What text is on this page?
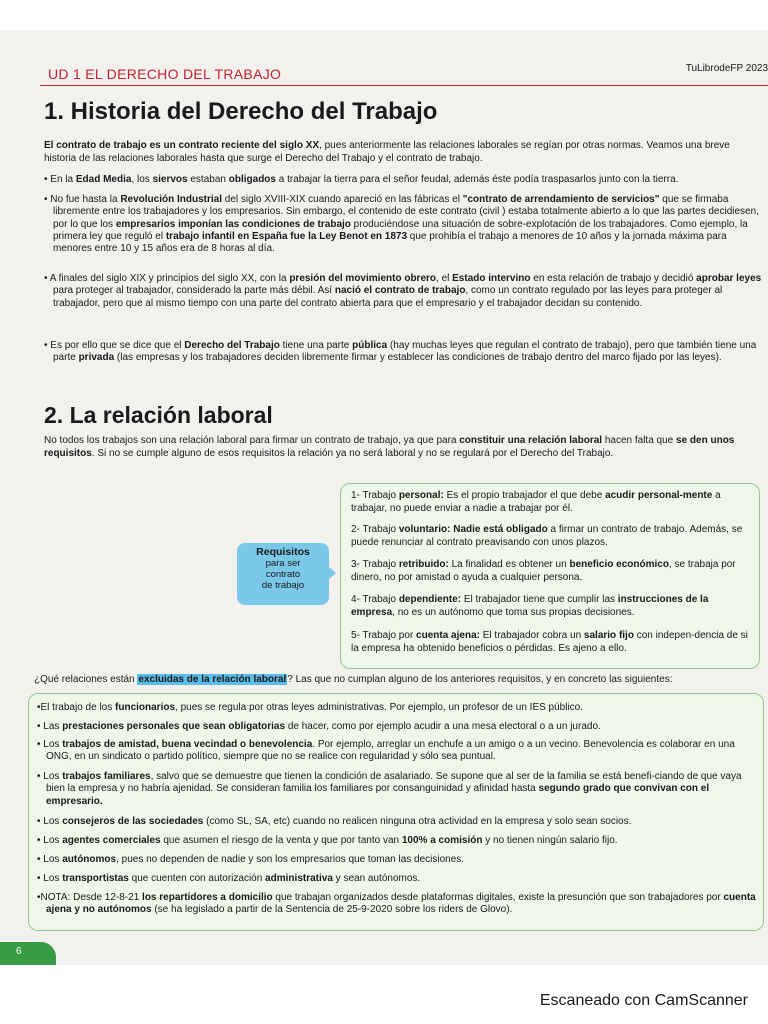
UD 1 EL DERECHO DEL TRABAJO	TuLibrodeFP 2023
1. Historia del Derecho del Trabajo

El contrato de trabajo es un contrato reciente del siglo XX, pues anteriormente las relaciones laborales se regían por otras normas. Veamos una breve historia de las relaciones laborales hasta que surge el Derecho del Trabajo y el contrato de trabajo.

• En la Edad Media, los siervos estaban obligados a trabajar la tierra para el señor feudal, además éste podía traspasarlos junto con la tierra.

• No fue hasta la Revolución Industrial del siglo XVIII-XIX cuando apareció en las fábricas el "contrato de arrendamiento de servicios" que se firmaba libremente entre los trabajadores y los empresarios. Sin embargo, el contenido de este contrato (civil ) estaba totalmente abierto a lo que las partes decidiesen, por lo que los empresarios imponían las condiciones de trabajo produciéndose una situación de sobre-explotación de los trabajadores. Como ejemplo, la primera ley que reguló el trabajo infantil en España fue la Ley Benot en 1873 que prohibía el trabajo a menores de 10 años y la jornada máxima para menores entre 10 y 15 años era de 8 horas al día.

• A finales del siglo XIX y principios del siglo XX, con la presión del movimiento obrero, el Estado intervino en esta relación de trabajo y decidió aprobar leyes para proteger al trabajador, considerado la parte más débil. Así nació el contrato de trabajo, como un contrato regulado por las leyes para proteger al trabajador, pero que al mismo tiempo con una parte del contrato abierta para que el empresario y el trabajador decidan su contenido.

• Es por ello que se dice que el Derecho del Trabajo tiene una parte pública (hay muchas leyes que regulan el contrato de trabajo), pero que también tiene una parte privada (las empresas y los trabajadores deciden libremente firmar y establecer las condiciones de trabajo dentro del marco fijado por las leyes).

2. La relación laboral

No todos los trabajos son una relación laboral para firmar un contrato de trabajo, ya que para constituir una relación laboral hacen falta que se den unos requisitos. Si no se cumple alguno de esos requisitos la relación ya no será laboral y no se regulará por el Derecho del Trabajo.

Requisitos
para ser
contrato
de trabajo
1- Trabajo personal: Es el propio trabajador el que debe acudir personal-mente a trabajar, no puede enviar a nadie a trabajar por él.
2- Trabajo voluntario: Nadie está obligado a firmar un contrato de trabajo. Además, se puede renunciar al contrato preavisando con unos plazos.
3- Trabajo retribuido: La finalidad es obtener un beneficio económico, se trabaja por dinero, no por amistad o ayuda a cualquier persona.
4- Trabajo dependiente: El trabajador tiene que cumplir las instrucciones de la empresa, no es un autónomo que toma sus propias decisiones.
5- Trabajo por cuenta ajena: El trabajador cobra un salario fijo con indepen-dencia de si la empresa ha obtenido beneficios o pérdidas. Es ajeno a ello.

¿Qué relaciones están excluidas de la relación laboral? Las que no cumplan alguno de los anteriores requisitos, y en concreto las siguientes:

•El trabajo de los funcionarios, pues se regula por otras leyes administrativas. Por ejemplo, un profesor de un IES público.
• Las prestaciones personales que sean obligatorias de hacer, como por ejemplo acudir a una mesa electoral o a un jurado.
• Los trabajos de amistad, buena vecindad o benevolencia. Por ejemplo, arreglar un enchufe a un amigo o a un vecino. Benevolencia es colaborar en una ONG, en un sindicato o partido político, siempre que no se realice con regularidad y sólo sea puntual.
• Los trabajos familiares, salvo que se demuestre que tienen la condición de asalariado. Se supone que al ser de la familia se está benefi-ciando de que vaya bien la empresa y no habría ajenidad. Se consideran familia los familiares por consanguinidad y afinidad hasta segundo grado que convivan con el empresario.
• Los consejeros de las sociedades (como SL, SA, etc) cuando no realicen ninguna otra actividad en la empresa y solo sean socios.
• Los agentes comerciales que asumen el riesgo de la venta y que por tanto van 100% a comisión y no tienen ningún salario fijo.
• Los autónomos, pues no dependen de nadie y son los empresarios que toman las decisiones.
• Los transportistas que cuenten con autorización administrativa y sean autónomos.
•NOTA: Desde 12-8-21 los repartidores a domicilio que trabajan organizados desde plataformas digitales, existe la presunción que son trabajadores por cuenta ajena y no autónomos (se ha legislado a partir de la Sentencia de 25-9-2020 sobre los riders de Glovo).
6
Escaneado con CamScanner
